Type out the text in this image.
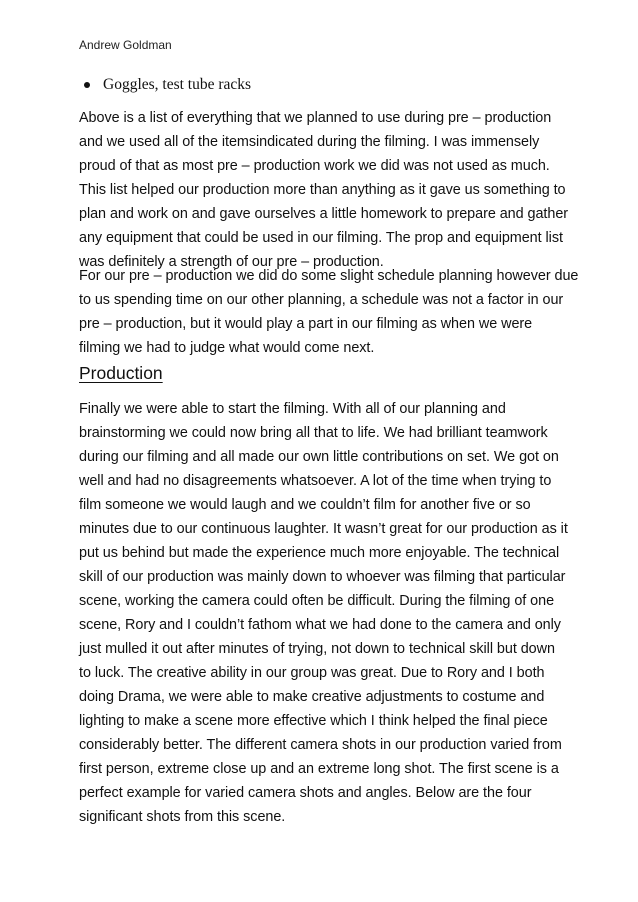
Andrew Goldman
Goggles, test tube racks
Above is a list of everything that we planned to use during pre – production
and we used all of the itemsindicated during the filming. I was immensely
proud of that as most pre – production work we did was not used as much.
This list helped our production more than anything as it gave us something to
plan and work on and gave ourselves a little homework to prepare and gather
any equipment that could be used in our filming. The prop and equipment list
was definitely a strength of our pre – production.
For our pre – production we did do some slight schedule planning however due
to us spending time on our other planning, a schedule was not a factor in our
pre – production, but it would play a part in our filming as when we were
filming we had to judge what would come next.
Production
Finally we were able to start the filming. With all of our planning and
brainstorming we could now bring all that to life. We had brilliant teamwork
during our filming and all made our own little contributions on set. We got on
well and had no disagreements whatsoever. A lot of the time when trying to
film someone we would laugh and we couldn’t film for another five or so
minutes due to our continuous laughter. It wasn’t great for our production as it
put us behind but made the experience much more enjoyable. The technical
skill of our production was mainly down to whoever was filming that particular
scene, working the camera could often be difficult. During the filming of one
scene, Rory and I couldn’t fathom what we had done to the camera and only
just mulled it out after minutes of trying, not down to technical skill but down
to luck. The creative ability in our group was great. Due to Rory and I both
doing Drama, we were able to make creative adjustments to costume and
lighting to make a scene more effective which I think helped the final piece
considerably better. The different camera shots in our production varied from
first person, extreme close up and an extreme long shot. The first scene is a
perfect example for varied camera shots and angles. Below are the four
significant shots from this scene.
